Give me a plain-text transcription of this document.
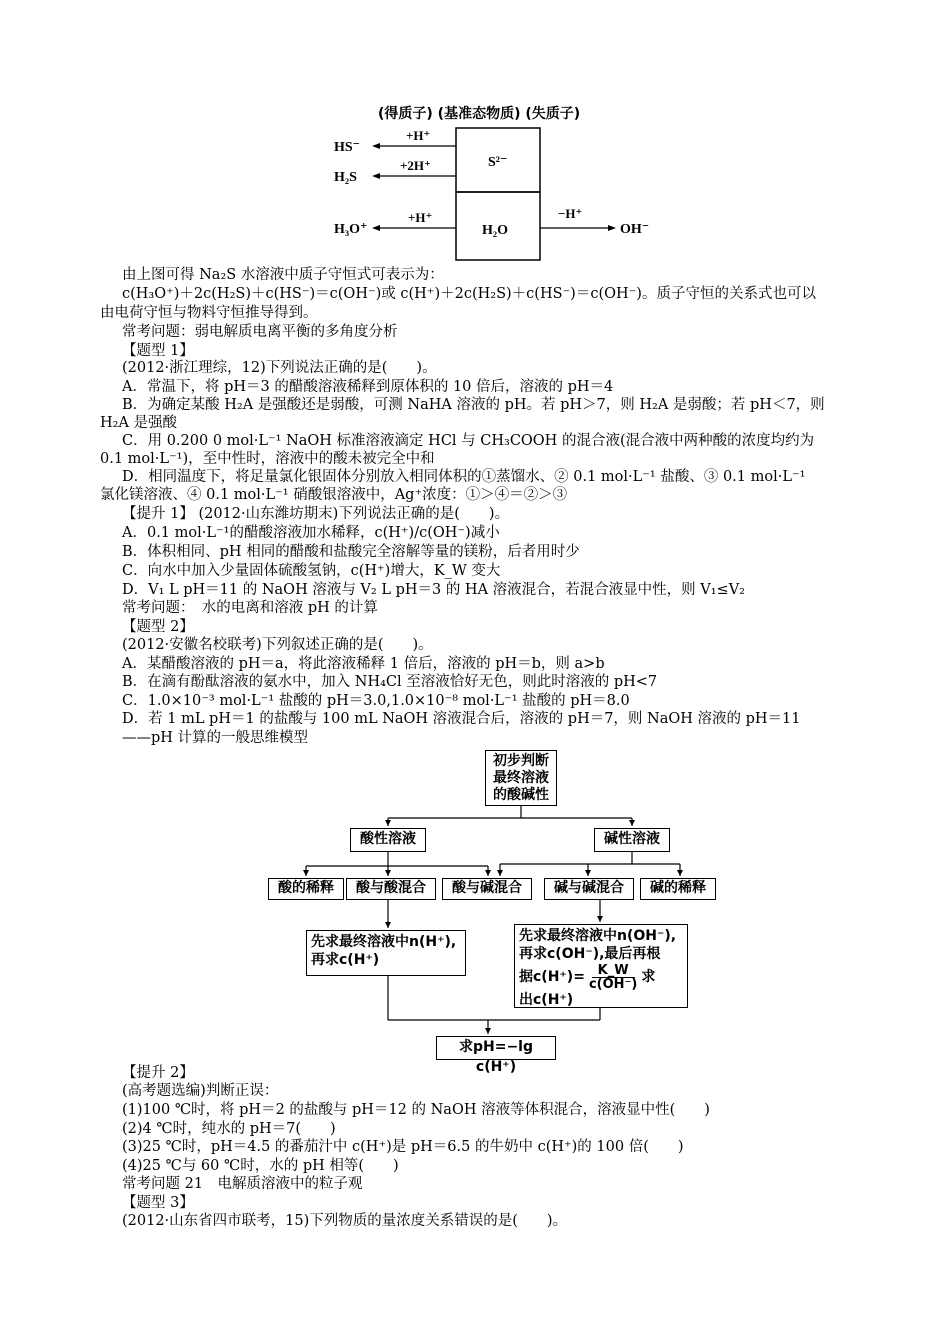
(得质子) (基准态物质) (失质子)
HS⁻
H₂S
H₃O⁺
+H⁺
+2H⁺
+H⁺
S²⁻
H₂O
−H⁺
OH⁻
由上图可得 Na₂S 水溶液中质子守恒式可表示为：
c(H₃O⁺)＋2c(H₂S)＋c(HS⁻)＝c(OH⁻)或 c(H⁺)＋2c(H₂S)＋c(HS⁻)＝c(OH⁻)。质子守恒的关系式也可以
由电荷守恒与物料守恒推导得到。
常考问题：弱电解质电离平衡的多角度分析
【题型 1】
(2012·浙江理综，12)下列说法正确的是(　　)。
A．常温下，将 pH＝3 的醋酸溶液稀释到原体积的 10 倍后，溶液的 pH＝4
B．为确定某酸 H₂A 是强酸还是弱酸，可测 NaHA 溶液的 pH。若 pH＞7，则 H₂A 是弱酸；若 pH＜7，则
H₂A 是强酸
C．用 0.200 0 mol·L⁻¹ NaOH 标准溶液滴定 HCl 与 CH₃COOH 的混合液(混合液中两种酸的浓度均约为
0.1 mol·L⁻¹)，至中性时，溶液中的酸未被完全中和
D．相同温度下，将足量氯化银固体分别放入相同体积的①蒸馏水、② 0.1 mol·L⁻¹ 盐酸、③ 0.1 mol·L⁻¹
氯化镁溶液、④ 0.1 mol·L⁻¹ 硝酸银溶液中，Ag⁺浓度：①＞④＝②＞③
【提升 1】 (2012·山东潍坊期末)下列说法正确的是(　　)。
A．0.1 mol·L⁻¹的醋酸溶液加水稀释，c(H⁺)/c(OH⁻)减小
B．体积相同、pH 相同的醋酸和盐酸完全溶解等量的镁粉，后者用时少
C．向水中加入少量固体硫酸氢钠，c(H⁺)增大，K_W 变大
D．V₁ L pH＝11 的 NaOH 溶液与 V₂ L pH＝3 的 HA 溶液混合，若混合液显中性，则 V₁≤V₂
常考问题：　水的电离和溶液 pH 的计算
【题型 2】
(2012·安徽名校联考)下列叙述正确的是(　　)。
A．某醋酸溶液的 pH＝a，将此溶液稀释 1 倍后，溶液的 pH＝b，则 a>b
B．在滴有酚酞溶液的氨水中，加入 NH₄Cl 至溶液恰好无色，则此时溶液的 pH<7
C．1.0×10⁻³ mol·L⁻¹ 盐酸的 pH＝3.0,1.0×10⁻⁸ mol·L⁻¹ 盐酸的 pH＝8.0
D．若 1 mL pH＝1 的盐酸与 100 mL NaOH 溶液混合后，溶液的 pH＝7，则 NaOH 溶液的 pH＝11
——pH 计算的一般思维模型
初步判断
最终溶液
的酸碱性
酸性溶液	碱性溶液
酸的稀释	酸与酸混合	酸与碱混合	碱与碱混合	碱的稀释
先求最终溶液中n(H⁺),
再求c(H⁺)
先求最终溶液中n(OH⁻),
再求c(OH⁻),最后再根
据$c(H^+)= \frac{K\_W}{c(OH^-)}$ 求
出c(H⁺)
求pH=−lg c(H⁺)
【提升 2】
(高考题选编)判断正误：
(1)100 ℃时，将 pH＝2 的盐酸与 pH＝12 的 NaOH 溶液等体积混合，溶液显中性(　　)
(2)4 ℃时，纯水的 pH＝7(　　)
(3)25 ℃时，pH＝4.5 的番茄汁中 c(H⁺)是 pH＝6.5 的牛奶中 c(H⁺)的 100 倍(　　)
(4)25 ℃与 60 ℃时，水的 pH 相等(　　)
常考问题 21　电解质溶液中的粒子观
【题型 3】
(2012·山东省四市联考，15)下列物质的量浓度关系错误的是(　　)。
